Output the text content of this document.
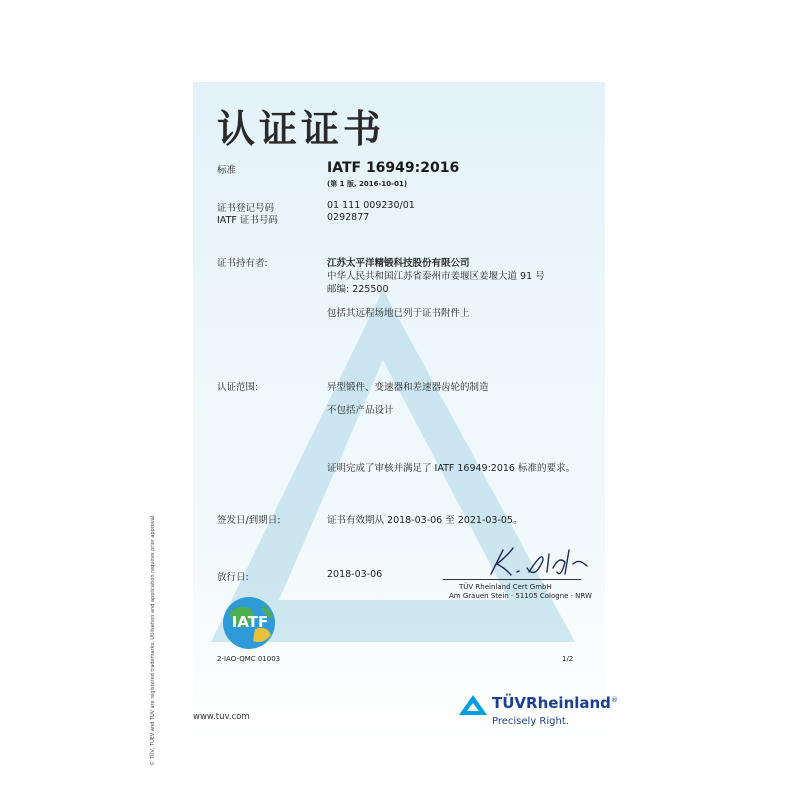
© TÜV, TUEV and TUV are registered trademarks. Utilisation and application requires prior approval.
认证证书
标准	IATF 16949:2016
(第 1 版, 2016-10-01)
证书登记号码	01 111 009230/01
IATF 证书号码	0292877
证书持有者:	江苏太平洋精锻科技股份有限公司
中华人民共和国江苏省泰州市姜堰区姜堰大道 91 号
邮编: 225500
包括其远程场地已列于证书附件上
认证范围:	异型锻件、变速器和差速器齿轮的制造
不包括产品设计
证明完成了审核并满足了 IATF 16949:2016 标准的要求。
签发日/到期日:	证书有效期从 2018-03-06 至 2021-03-05。
放行日:	2018-03-06
TÜV Rheinland Cert GmbH
Am Grauen Stein · 51105 Cologne · NRW
IATF
2-IAO-QMC 01003	1/2
www.tuv.com
TÜVRheinland®
Precisely Right.
